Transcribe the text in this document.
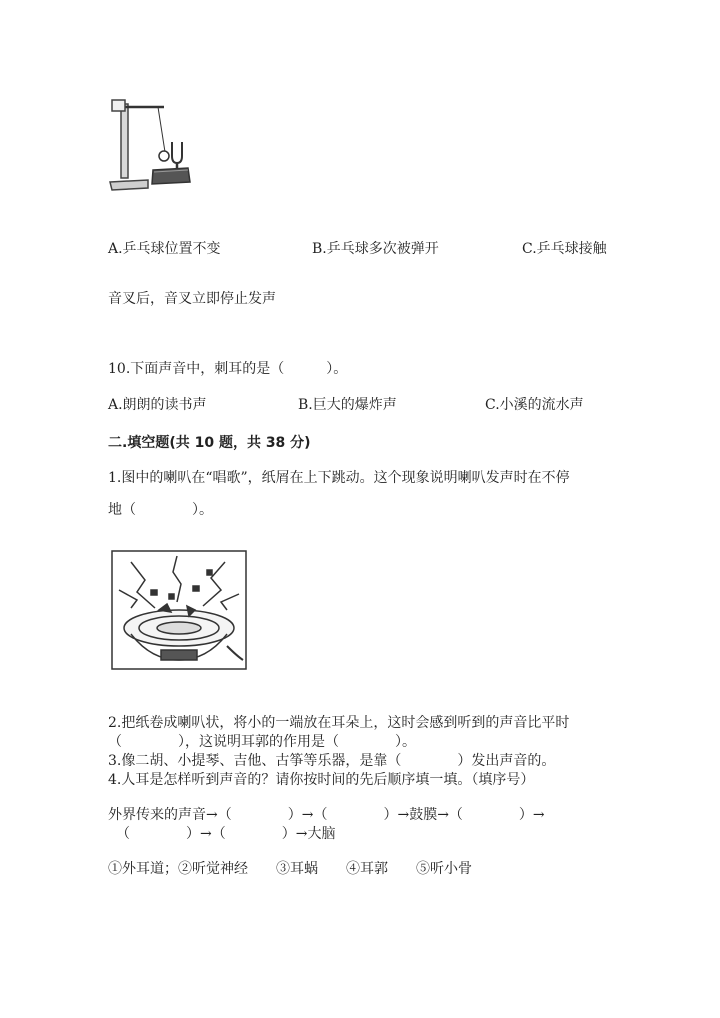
A.乒乓球位置不变	B.乒乓球多次被弹开	C.乒乓球接触
音叉后，音叉立即停止发声
10.下面声音中，刺耳的是（　　　）。
A.朗朗的读书声	B.巨大的爆炸声	C.小溪的流水声
二.填空题(共 10 题，共 38 分)
1.图中的喇叭在“唱歌”，纸屑在上下跳动。这个现象说明喇叭发声时在不停
地（　　　　）。
2.把纸卷成喇叭状，将小的一端放在耳朵上，这时会感到听到的声音比平时
（　　　　），这说明耳郭的作用是（　　　　）。
3.像二胡、小提琴、吉他、古筝等乐器，是靠（　　　　）发出声音的。
4.人耳是怎样听到声音的？请你按时间的先后顺序填一填。（填序号）
外界传来的声音→（　　　　）→（　　　　）→鼓膜→（　　　　）→
（　　　　）→（　　　　）→大脑
①外耳道；②听觉神经　　③耳蜗　　④耳郭　　⑤听小骨
